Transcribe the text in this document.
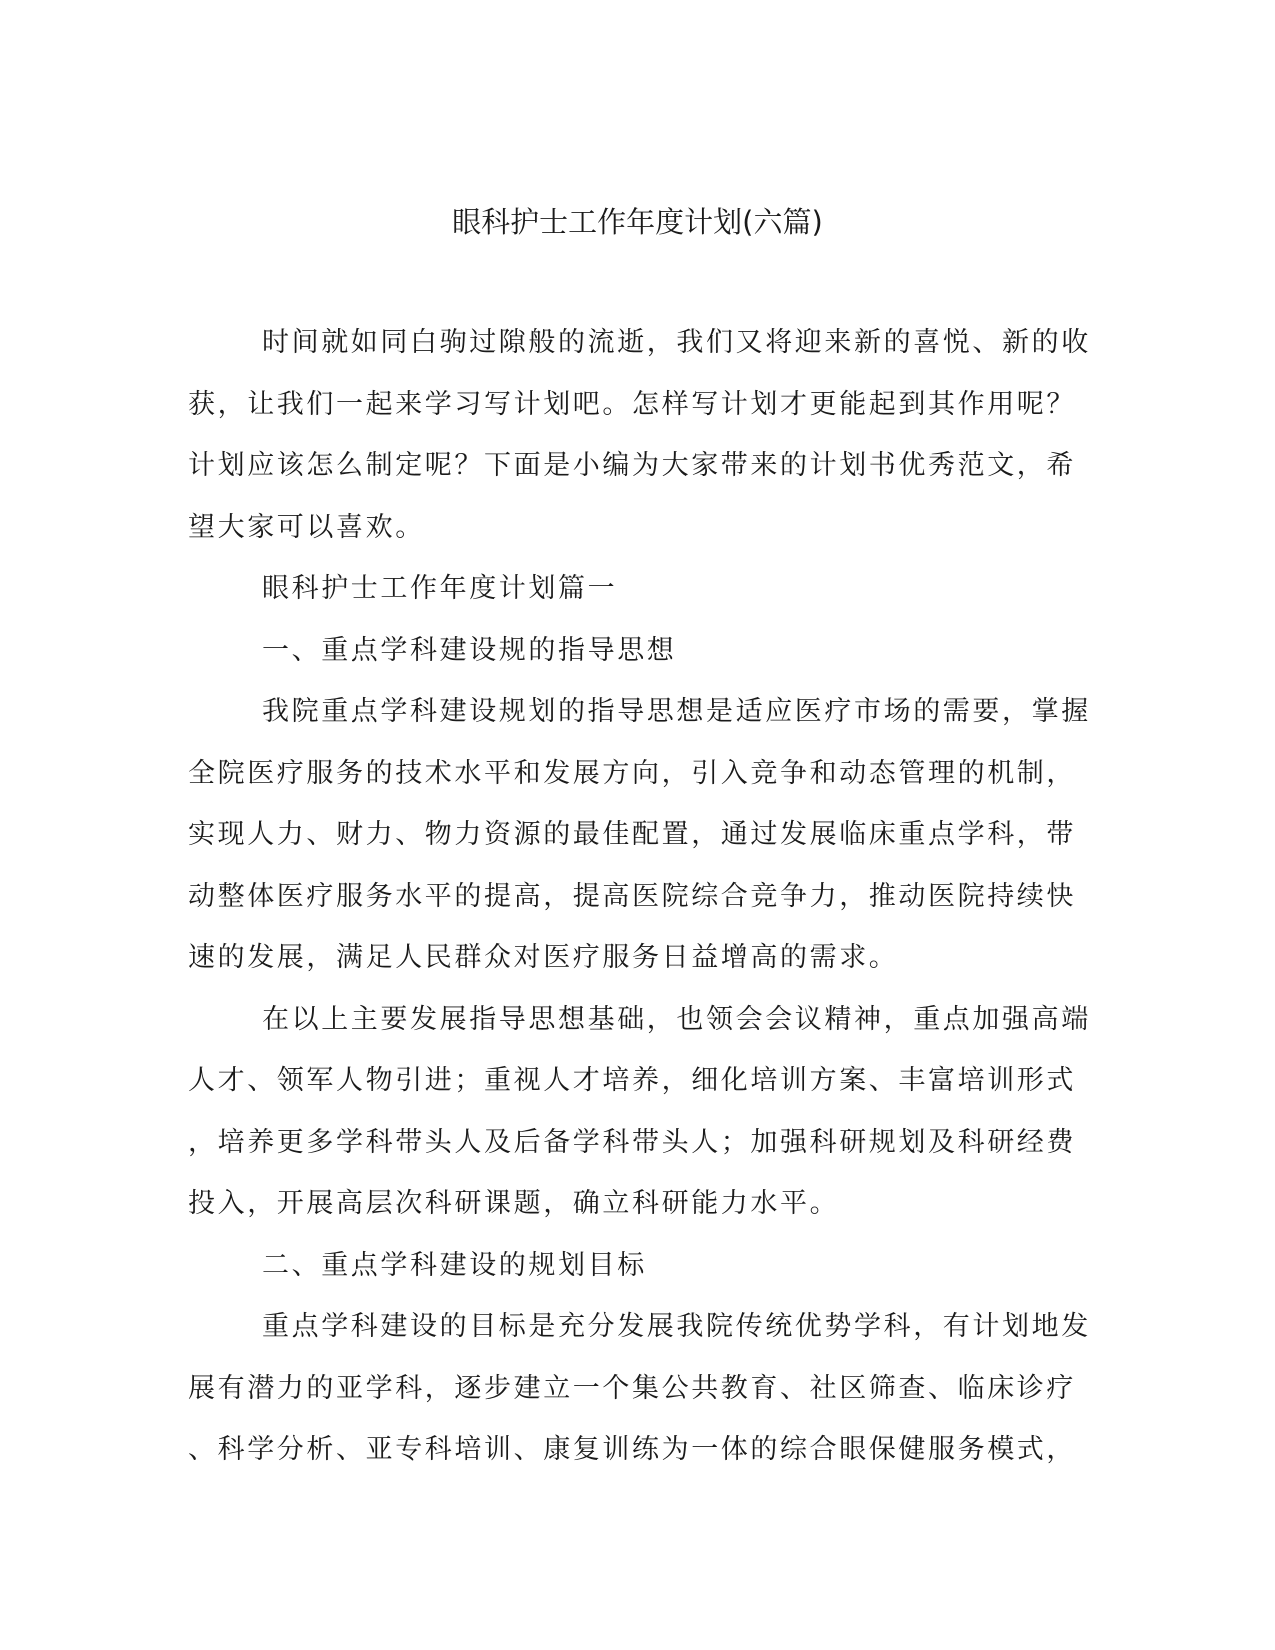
眼科护士工作年度计划(六篇)
时间就如同白驹过隙般的流逝，我们又将迎来新的喜悦、新的收
获，让我们一起来学习写计划吧。怎样写计划才更能起到其作用呢？
计划应该怎么制定呢？下面是小编为大家带来的计划书优秀范文，希
望大家可以喜欢。
眼科护士工作年度计划篇一
一、重点学科建设规的指导思想
我院重点学科建设规划的指导思想是适应医疗市场的需要，掌握
全院医疗服务的技术水平和发展方向，引入竞争和动态管理的机制，
实现人力、财力、物力资源的最佳配置，通过发展临床重点学科，带
动整体医疗服务水平的提高，提高医院综合竞争力，推动医院持续快
速的发展，满足人民群众对医疗服务日益增高的需求。
在以上主要发展指导思想基础，也领会会议精神，重点加强高端
人才、领军人物引进；重视人才培养，细化培训方案、丰富培训形式
，培养更多学科带头人及后备学科带头人；加强科研规划及科研经费
投入，开展高层次科研课题，确立科研能力水平。
二、重点学科建设的规划目标
重点学科建设的目标是充分发展我院传统优势学科，有计划地发
展有潜力的亚学科，逐步建立一个集公共教育、社区筛查、临床诊疗
、科学分析、亚专科培训、康复训练为一体的综合眼保健服务模式，
